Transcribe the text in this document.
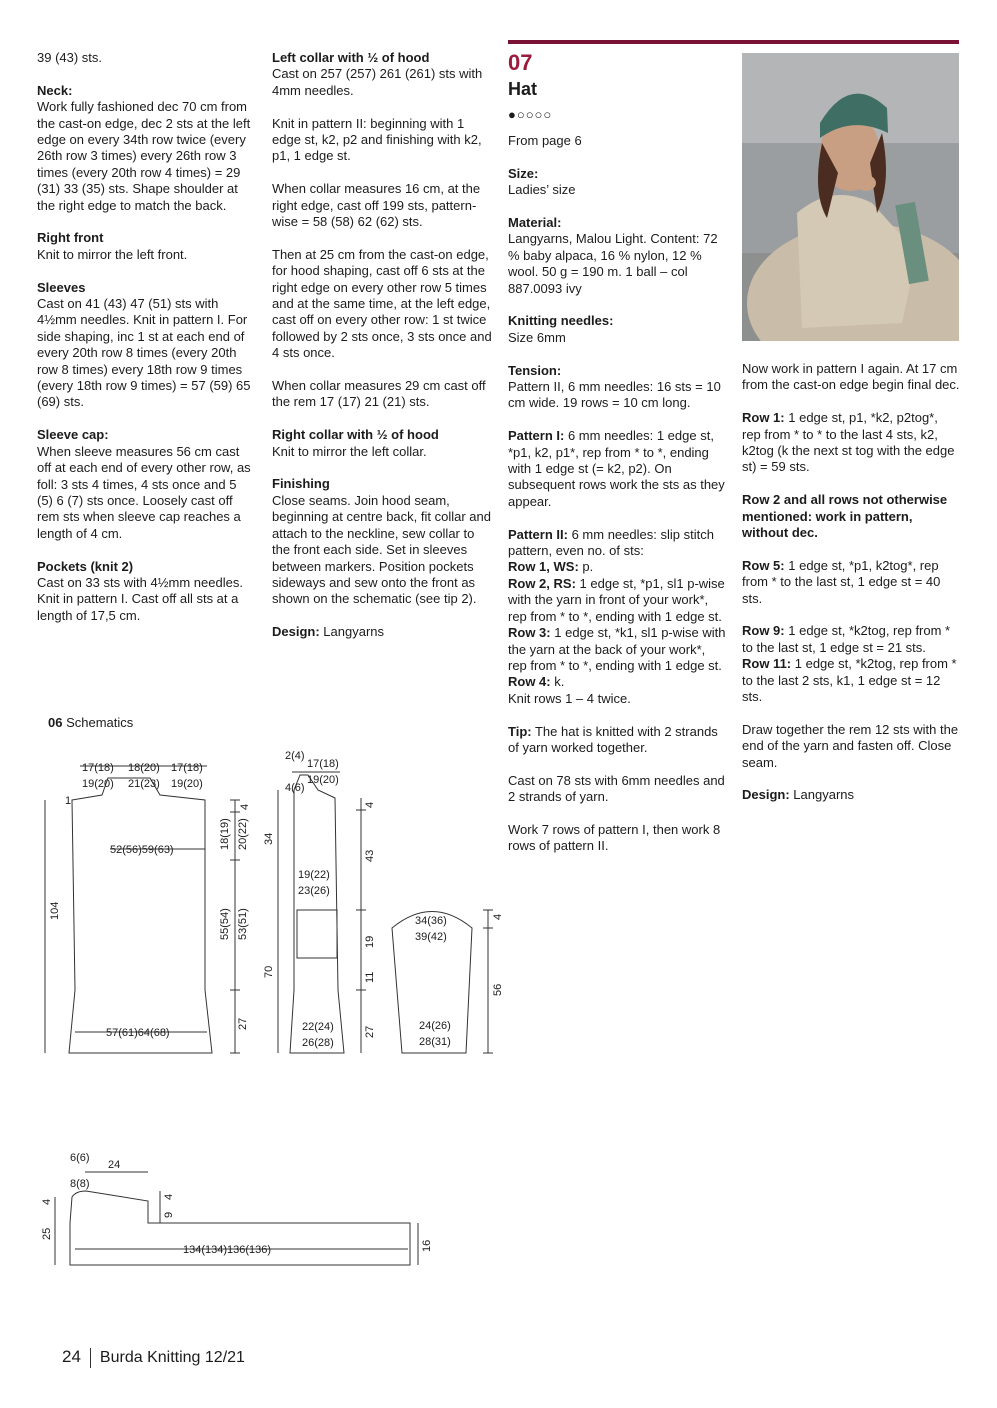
39 (43) sts.

Neck:
Work fully fashioned dec 70 cm from the cast-on edge, dec 2 sts at the left edge on every 34th row twice (every 26th row 3 times) every 26th row 3 times (every 20th row 4 times) = 29 (31) 33 (35) sts. Shape shoulder at the right edge to match the back.

Right front
Knit to mirror the left front.

Sleeves
Cast on 41 (43) 47 (51) sts with 4½mm needles. Knit in pattern I. For side shaping, inc 1 st at each end of every 20th row 8 times (every 20th row 8 times) every 18th row 9 times (every 18th row 9 times) = 57 (59) 65 (69) sts.

Sleeve cap:
When sleeve measures 56 cm cast off at each end of every other row, as foll: 3 sts 4 times, 4 sts once and 5 (5) 6 (7) sts once. Loosely cast off rem sts when sleeve cap reaches a length of 4 cm.

Pockets (knit 2)
Cast on 33 sts with 4½mm needles. Knit in pattern I. Cast off all sts at a length of 17,5 cm.

Left collar with ½ of hood
Cast on 257 (257) 261 (261) sts with 4mm needles.

Knit in pattern II: beginning with 1 edge st, k2, p2 and finishing with k2, p1, 1 edge st.

When collar measures 16 cm, at the right edge, cast off 199 sts, pattern-wise = 58 (58) 62 (62) sts.

Then at 25 cm from the cast-on edge, for hood shaping, cast off 6 sts at the right edge on every other row 5 times and at the same time, at the left edge, cast off on every other row: 1 st twice followed by 2 sts once, 3 sts once and 4 sts once.

When collar measures 29 cm cast off the rem 17 (17) 21 (21) sts.

Right collar with ½ of hood
Knit to mirror the left collar.

Finishing
Close seams. Join hood seam, beginning at centre back, fit collar and attach to the neckline, sew collar to the front each side. Set in sleeves between markers. Position pockets sideways and sew onto the front as shown on the schematic (see tip 2).

Design: Langyarns

07
Hat
●○○○○

From page 6

Size:
Ladies’ size

Material:
Langyarns, Malou Light. Content: 72 % baby alpaca, 16 % nylon, 12 % wool. 50 g = 190 m. 1 ball – col 887.0093 ivy

Knitting needles:
Size 6mm

Tension:
Pattern II, 6 mm needles: 16 sts = 10 cm wide. 19 rows = 10 cm long.

Pattern I: 6 mm needles: 1 edge st, *p1, k2, p1*, rep from * to *, ending with 1 edge st (= k2, p2). On subsequent rows work the sts as they appear.

Pattern II: 6 mm needles: slip stitch pattern, even no. of sts:
Row 1, WS: p.
Row 2, RS: 1 edge st, *p1, sl1 p-wise with the yarn in front of your work*, rep from * to *, ending with 1 edge st.
Row 3: 1 edge st, *k1, sl1 p-wise with the yarn at the back of your work*, rep from * to *, ending with 1 edge st.
Row 4: k.
Knit rows 1 – 4 twice.

Tip: The hat is knitted with 2 strands of yarn worked together.

Cast on 78 sts with 6mm needles and 2 strands of yarn.

Work 7 rows of pattern I, then work 8 rows of pattern II.

Now work in pattern I again. At 17 cm from the cast-on edge begin final dec.

Row 1: 1 edge st, p1, *k2, p2tog*, rep from * to * to the last 4 sts, k2, k2tog (k the next st tog with the edge st) = 59 sts.

Row 2 and all rows not otherwise mentioned: work in pattern, without dec.

Row 5: 1 edge st, *p1, k2tog*, rep from * to the last st, 1 edge st = 40 sts.

Row 9: 1 edge st, *k2tog, rep from * to the last st, 1 edge st = 21 sts.
Row 11: 1 edge st, *k2tog, rep from * to the last 2 sts, k1, 1 edge st = 12 sts.

Draw together the rem 12 sts with the end of the yarn and fasten off. Close seam.

Design: Langyarns

06 Schematics
17(18)
19(20)
18(20)
21(23)
17(18)
19(20)
1
52(56)59(63)
104
57(61)64(68)
4
18(19) 20(22)
55(54) 53(51)
27
2(4)
17(18)
19(20)
4(6)
34
70
19(22)
23(26)
22(24)
26(28)
4
43
19
11
27
34(36)
39(42)
24(26)
28(31)
4
56
6(6)
24
8(8)
4
25
4
9
134(134)136(136)	16
24 Burda Knitting 12/21
